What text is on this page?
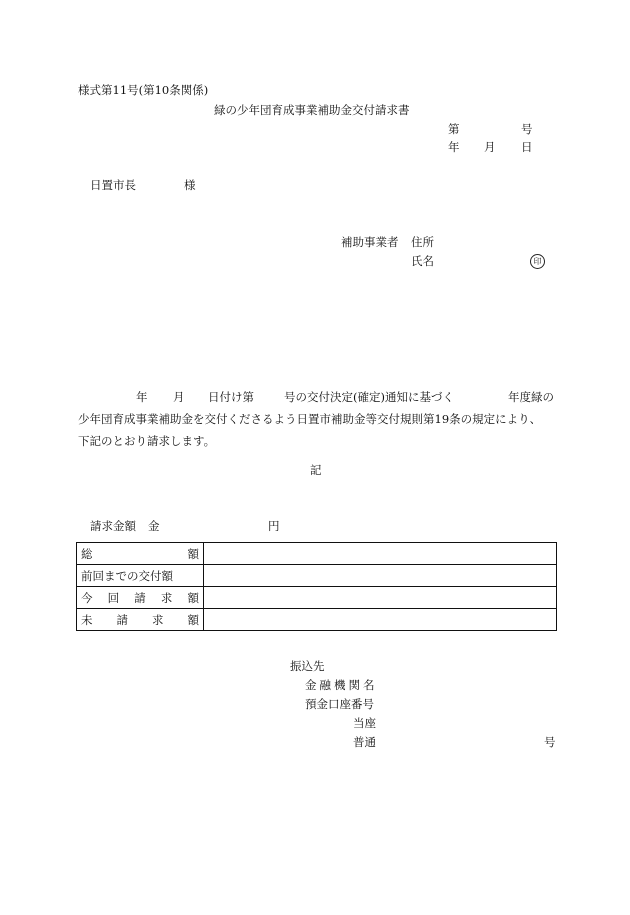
様式第11号(第10条関係)
緑の少年団育成事業補助金交付請求書
第	号
年 月 日
日置市長	様
補助事業者 住所
氏名	印
年 月 日付け第	号の交付決定(確定)通知に基づく	年度緑の
少年団育成事業補助金を交付くださるよう日置市補助金等交付規則第19条の規定により、
下記のとおり請求します。
記
請求金額 金	円
総 額	

前回までの交付額	

今 回 請 求 額	

未 請 求 額	

振込先
金融機関名
預金口座番号
当座
普通	号
